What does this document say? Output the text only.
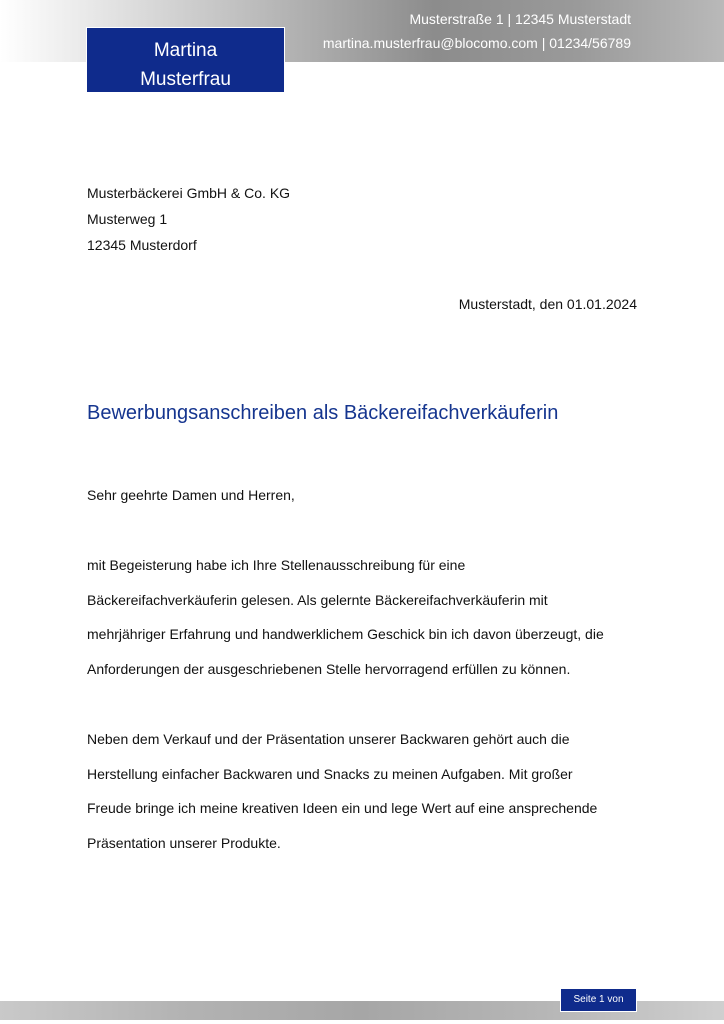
Martina
Musterfrau
Musterstraße 1 | 12345 Musterstadt
martina.musterfrau@blocomo.com | 01234/56789
Musterbäckerei GmbH & Co. KG
Musterweg 1
12345 Musterdorf
Musterstadt, den 01.01.2024
Bewerbungsanschreiben als Bäckereifachverkäuferin
Sehr geehrte Damen und Herren,
mit Begeisterung habe ich Ihre Stellenausschreibung für eine
Bäckereifachverkäuferin gelesen. Als gelernte Bäckereifachverkäuferin mit
mehrjähriger Erfahrung und handwerklichem Geschick bin ich davon überzeugt, die
Anforderungen der ausgeschriebenen Stelle hervorragend erfüllen zu können.
Neben dem Verkauf und der Präsentation unserer Backwaren gehört auch die
Herstellung einfacher Backwaren und Snacks zu meinen Aufgaben. Mit großer
Freude bringe ich meine kreativen Ideen ein und lege Wert auf eine ansprechende
Präsentation unserer Produkte.
Seite 1 von
